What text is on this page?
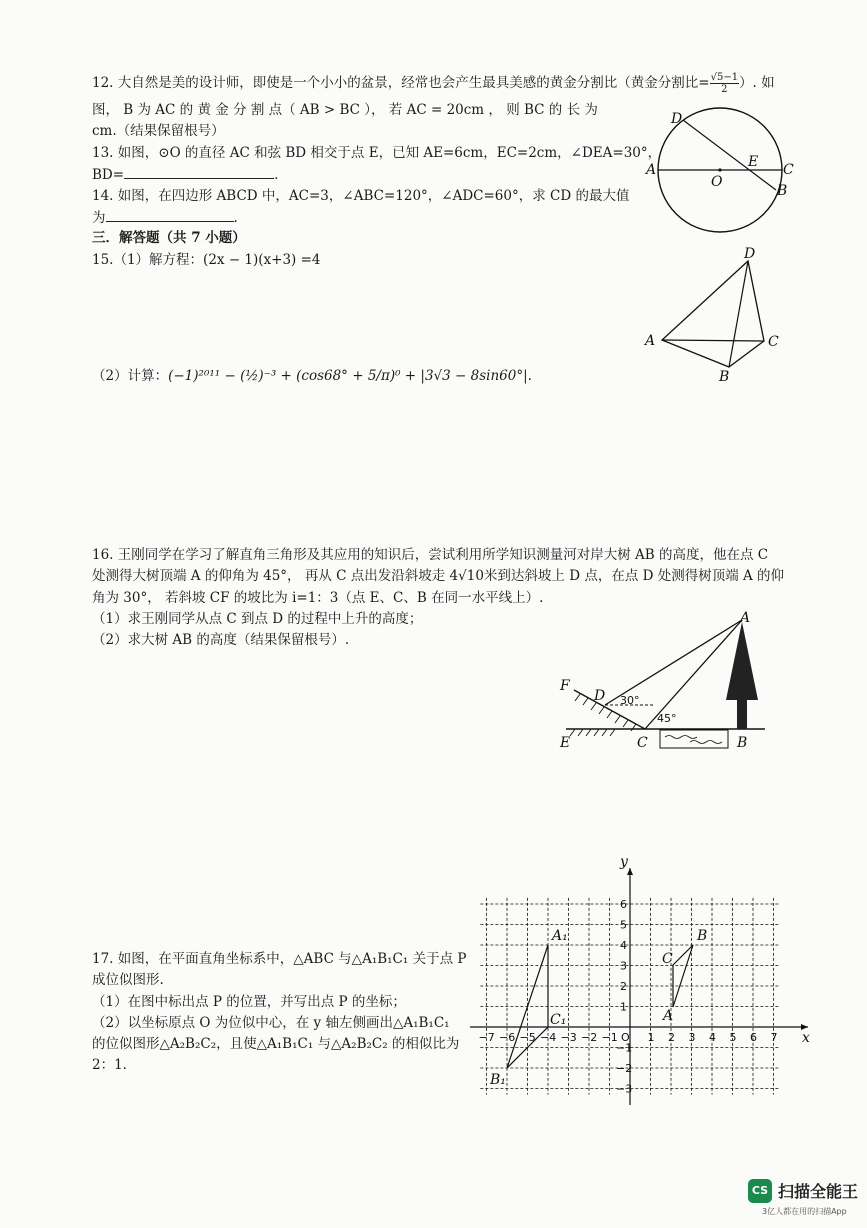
12. 大自然是美的设计师，即使是一个小小的盆景，经常也会产生最具美感的黄金分割比（黄金分割比= $\frac{√5-1}{2}$ ）. 如
图， B 为 AC 的 黄 金 分 割 点（ AB > BC ）， 若 AC = 20cm ， 则 BC 的 长 为
cm.（结果保留根号）
13. 如图，⊙O 的直径 AC 和弦 BD 相交于点 E，已知 AE=6cm，EC=2cm，∠DEA=30°，
BD=	.
14. 如图，在四边形 ABCD 中，AC=3，∠ABC=120°，∠ADC=60°，求 CD 的最大值
为	.
三．解答题（共 7 小题）
15.（1）解方程：(2x − 1)(x+3) =4
（2）计算：(−1)²⁰¹¹ − (½)⁻³ + (cos68° + 5/π)⁰ + |3√3 − 8sin60°|.
16. 王刚同学在学习了解直角三角形及其应用的知识后，尝试利用所学知识测量河对岸大树 AB 的高度，他在点 C
处测得大树顶端 A 的仰角为 45°， 再从 C 点出发沿斜坡走 4√10米到达斜坡上 D 点，在点 D 处测得树顶端 A 的仰
角为 30°， 若斜坡 CF 的坡比为 i=1：3（点 E、C、B 在同一水平线上）.
（1）求王刚同学从点 C 到点 D 的过程中上升的高度；
（2）求大树 AB 的高度（结果保留根号）.
17. 如图，在平面直角坐标系中，△ABC 与△A₁B₁C₁ 关于点 P
成位似图形.
（1）在图中标出点 P 的位置，并写出点 P 的坐标；
（2）以坐标原点 O 为位似中心，在 y 轴左侧画出△A₁B₁C₁
的位似图形△A₂B₂C₂，且使△A₁B₁C₁ 与△A₂B₂C₂ 的相似比为
2：1.
D
A	E C
O
B
D
A	C
B
A
F
D 30°
45°
E	C	B
x
y
O
−7 −6 −5 −4 −3 −2 −1	1 2 3 4 5 6 7
6
5
4
3
2
1
−1
−2
−3
A₁
B₁
C₁	A
B
C
CS 扫描全能王
3亿人都在用的扫描App
